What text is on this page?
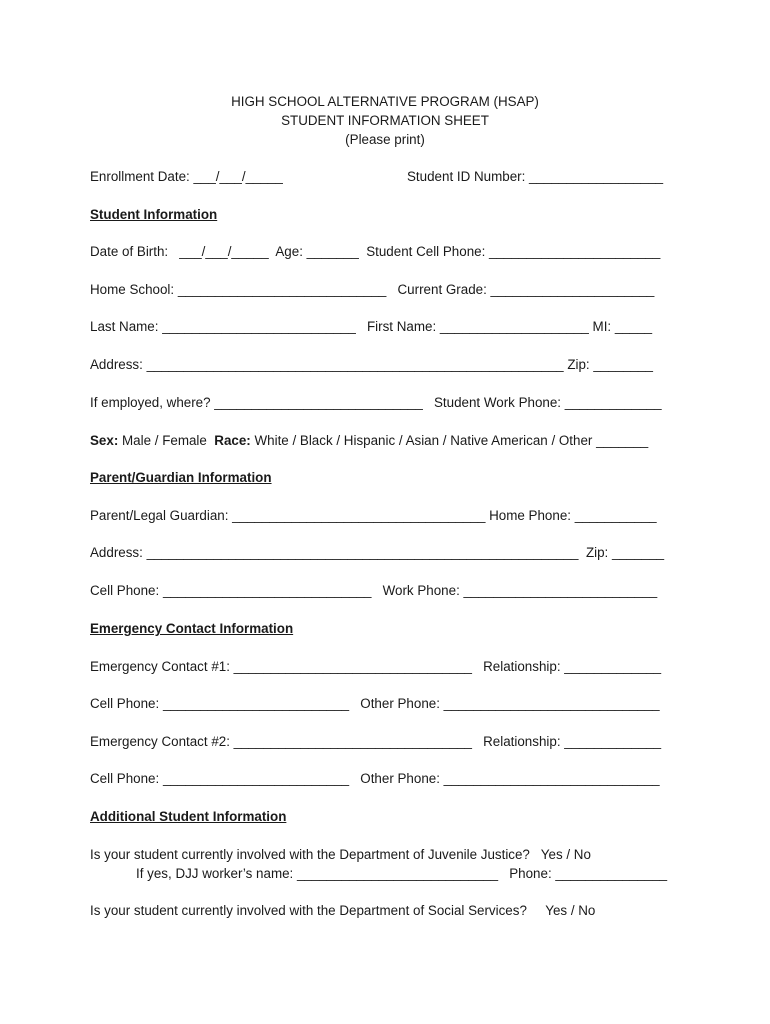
HIGH SCHOOL ALTERNATIVE PROGRAM (HSAP)
STUDENT INFORMATION SHEET
(Please print)
Enrollment Date: ___/___/_____	Student ID Number: __________________
Student Information
Date of Birth:   ___/___/_____  Age: _______  Student Cell Phone: _______________________
Home School: ____________________________   Current Grade: ______________________
Last Name: __________________________   First Name: ____________________ MI: _____
Address: ________________________________________________________ Zip: ________
If employed, where? ____________________________   Student Work Phone: _____________
Sex: Male / Female  Race: White / Black / Hispanic / Asian / Native American / Other _______
Parent/Guardian Information
Parent/Legal Guardian: __________________________________ Home Phone: ___________
Address: __________________________________________________________  Zip: _______
Cell Phone: ____________________________   Work Phone: __________________________
Emergency Contact Information
Emergency Contact #1: ________________________________   Relationship: _____________
Cell Phone: _________________________   Other Phone: _____________________________
Emergency Contact #2: ________________________________   Relationship: _____________
Cell Phone: _________________________   Other Phone: _____________________________
Additional Student Information
Is your student currently involved with the Department of Juvenile Justice?   Yes / No
If yes, DJJ worker’s name: ___________________________   Phone: _______________
Is your student currently involved with the Department of Social Services?     Yes / No
